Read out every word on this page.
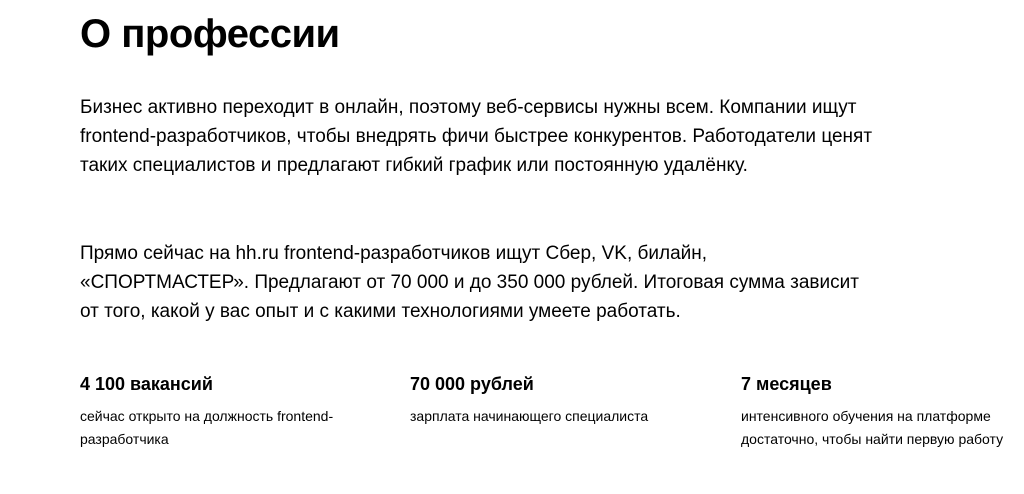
О профессии

Бизнес активно переходит в онлайн, поэтому веб-сервисы нужны всем. Компании ищут frontend-разработчиков, чтобы внедрять фичи быстрее конкурентов. Работодатели ценят таких специалистов и предлагают гибкий график или постоянную удалёнку.

Прямо сейчас на hh.ru frontend-разработчиков ищут Сбер, VK, билайн, «СПОРТМАСТЕР». Предлагают от 70 000 и до 350 000 рублей. Итоговая сумма зависит от того, какой у вас опыт и с какими технологиями умеете работать.

4 100 вакансий

сейчас открыто на должность frontend-разработчика

70 000 рублей

зарплата начинающего специалиста

7 месяцев

интенсивного обучения на платформе достаточно, чтобы найти первую работу
